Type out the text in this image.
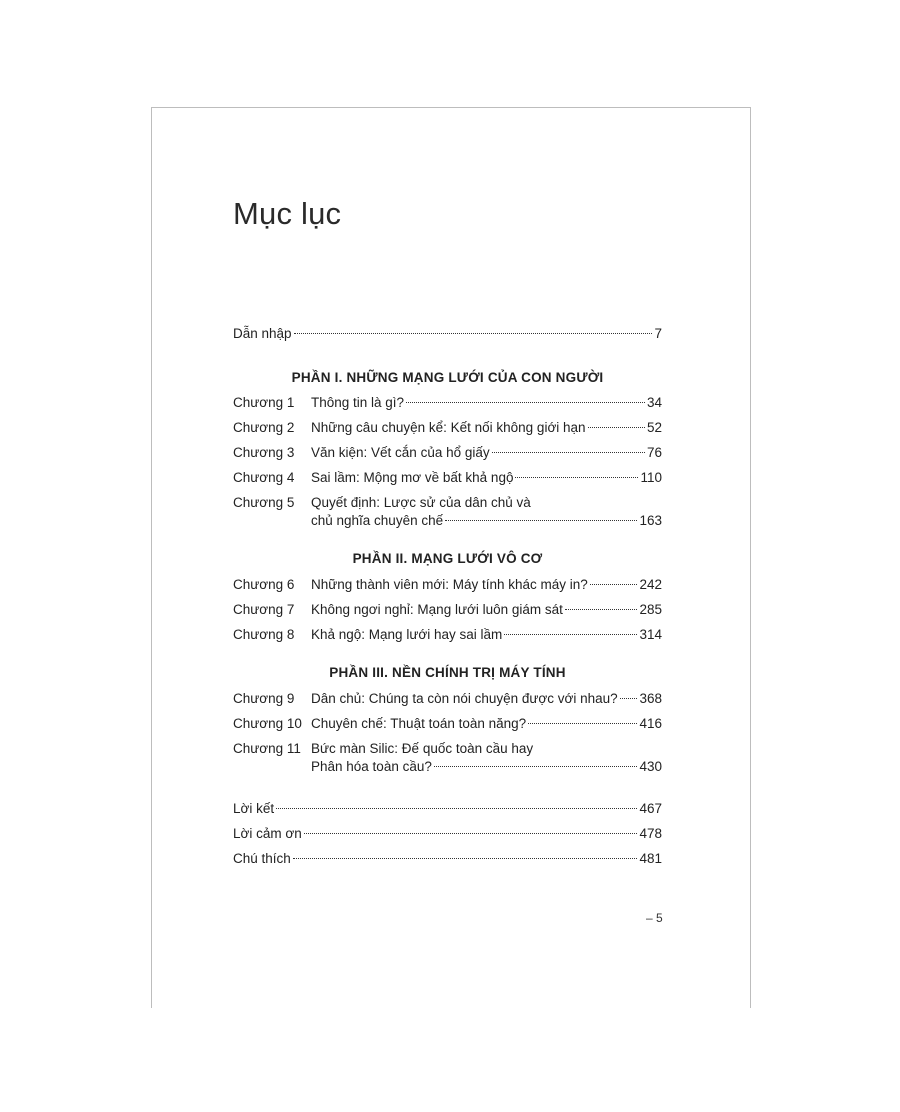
Mục lục
Dẫn nhập	7
PHẦN I. NHỮNG MẠNG LƯỚI CỦA CON NGƯỜI
Chương 1	Thông tin là gì?	34
Chương 2	Những câu chuyện kể: Kết nối không giới hạn	52
Chương 3	Văn kiện: Vết cắn của hổ giấy	76
Chương 4	Sai lầm: Mộng mơ về bất khả ngộ	110
Chương 5	Quyết định: Lược sử của dân chủ và
chủ nghĩa chuyên chế	163
PHẦN II. MẠNG LƯỚI VÔ CƠ
Chương 6	Những thành viên mới: Máy tính khác máy in?	242
Chương 7	Không ngơi nghỉ: Mạng lưới luôn giám sát	285
Chương 8	Khả ngộ: Mạng lưới hay sai lầm	314
PHẦN III. NỀN CHÍNH TRỊ MÁY TÍNH
Chương 9	Dân chủ: Chúng ta còn nói chuyện được với nhau? 368
Chương 10 Chuyên chế: Thuật toán toàn năng?	416
Chương 11 Bức màn Silic: Đế quốc toàn cầu hay
Phân hóa toàn cầu?	430
Lời kết	467
Lời cảm ơn	478
Chú thích	481
– 5
